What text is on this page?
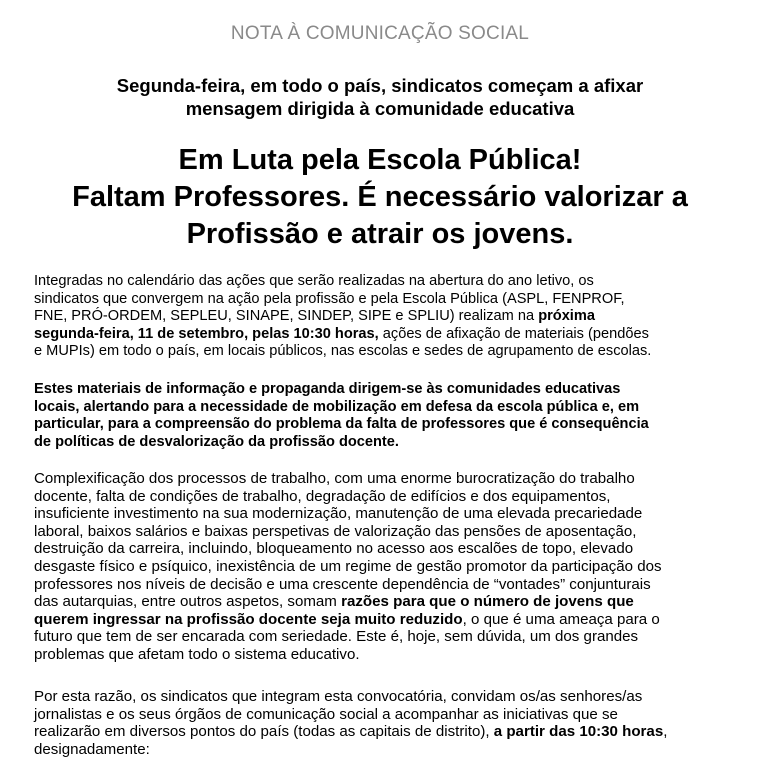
NOTA À COMUNICAÇÃO SOCIAL
Segunda-feira, em todo o país, sindicatos começam a afixar
mensagem dirigida à comunidade educativa
Em Luta pela Escola Pública!
Faltam Professores. É necessário valorizar a
Profissão e atrair os jovens.
Integradas no calendário das ações que serão realizadas na abertura do ano letivo, os
sindicatos que convergem na ação pela profissão e pela Escola Pública (ASPL, FENPROF,
FNE, PRÓ-ORDEM, SEPLEU, SINAPE, SINDEP, SIPE e SPLIU) realizam na próxima
segunda-feira, 11 de setembro, pelas 10:30 horas, ações de afixação de materiais (pendões
e MUPIs) em todo o país, em locais públicos, nas escolas e sedes de agrupamento de escolas.
Estes materiais de informação e propaganda dirigem-se às comunidades educativas
locais, alertando para a necessidade de mobilização em defesa da escola pública e, em
particular, para a compreensão do problema da falta de professores que é consequência
de políticas de desvalorização da profissão docente.
Complexificação dos processos de trabalho, com uma enorme burocratização do trabalho
docente, falta de condições de trabalho, degradação de edifícios e dos equipamentos,
insuficiente investimento na sua modernização, manutenção de uma elevada precariedade
laboral, baixos salários e baixas perspetivas de valorização das pensões de aposentação,
destruição da carreira, incluindo, bloqueamento no acesso aos escalões de topo, elevado
desgaste físico e psíquico, inexistência de um regime de gestão promotor da participação dos
professores nos níveis de decisão e uma crescente dependência de “vontades” conjunturais
das autarquias, entre outros aspetos, somam razões para que o número de jovens que
querem ingressar na profissão docente seja muito reduzido, o que é uma ameaça para o
futuro que tem de ser encarada com seriedade. Este é, hoje, sem dúvida, um dos grandes
problemas que afetam todo o sistema educativo.
Por esta razão, os sindicatos que integram esta convocatória, convidam os/as senhores/as
jornalistas e os seus órgãos de comunicação social a acompanhar as iniciativas que se
realizarão em diversos pontos do país (todas as capitais de distrito), a partir das 10:30 horas,
designadamente:
